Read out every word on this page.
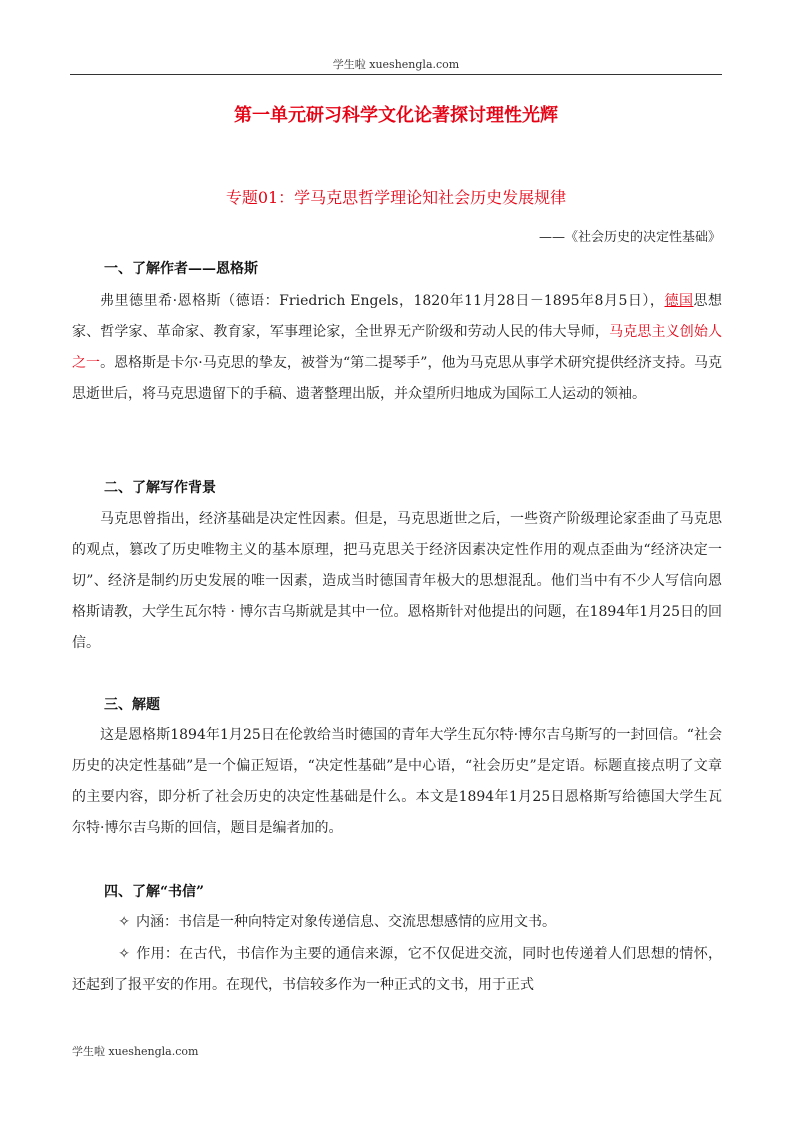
学生啦 xueshengla.com
第一单元研习科学文化论著探讨理性光辉
专题01：学马克思哲学理论知社会历史发展规律
——《社会历史的决定性基础》
一、了解作者——恩格斯

弗里德里希·恩格斯（德语：Friedrich Engels，1820年11月28日－1895年8月5日），德国思想家、哲学家、革命家、教育家，军事理论家，全世界无产阶级和劳动人民的伟大导师，马克思主义创始人之一。恩格斯是卡尔·马克思的挚友，被誉为“第二提琴手”，他为马克思从事学术研究提供经济支持。马克思逝世后，将马克思遗留下的手稿、遗著整理出版，并众望所归地成为国际工人运动的领袖。

二、了解写作背景

马克思曾指出，经济基础是决定性因素。但是，马克思逝世之后，一些资产阶级理论家歪曲了马克思的观点，篡改了历史唯物主义的基本原理，把马克思关于经济因素决定性作用的观点歪曲为“经济决定一切”、经济是制约历史发展的唯一因素，造成当时德国青年极大的思想混乱。他们当中有不少人写信向恩格斯请教，大学生瓦尔特 · 博尔吉乌斯就是其中一位。恩格斯针对他提出的问题，在1894年1月25日的回信。

三、解题

这是恩格斯1894年1月25日在伦敦给当时德国的青年大学生瓦尔特·博尔吉乌斯写的一封回信。“社会历史的决定性基础”是一个偏正短语，“决定性基础”是中心语，“社会历史”是定语。标题直接点明了文章的主要内容，即分析了社会历史的决定性基础是什么。本文是1894年1月25日恩格斯写给德国大学生瓦尔特·博尔吉乌斯的回信，题目是编者加的。

四、了解“书信”

✧ 内涵：书信是一种向特定对象传递信息、交流思想感情的应用文书。

✧ 作用：在古代，书信作为主要的通信来源，它不仅促进交流，同时也传递着人们思想的情怀，还起到了报平安的作用。在现代，书信较多作为一种正式的文书，用于正式

学生啦 xueshengla.com
